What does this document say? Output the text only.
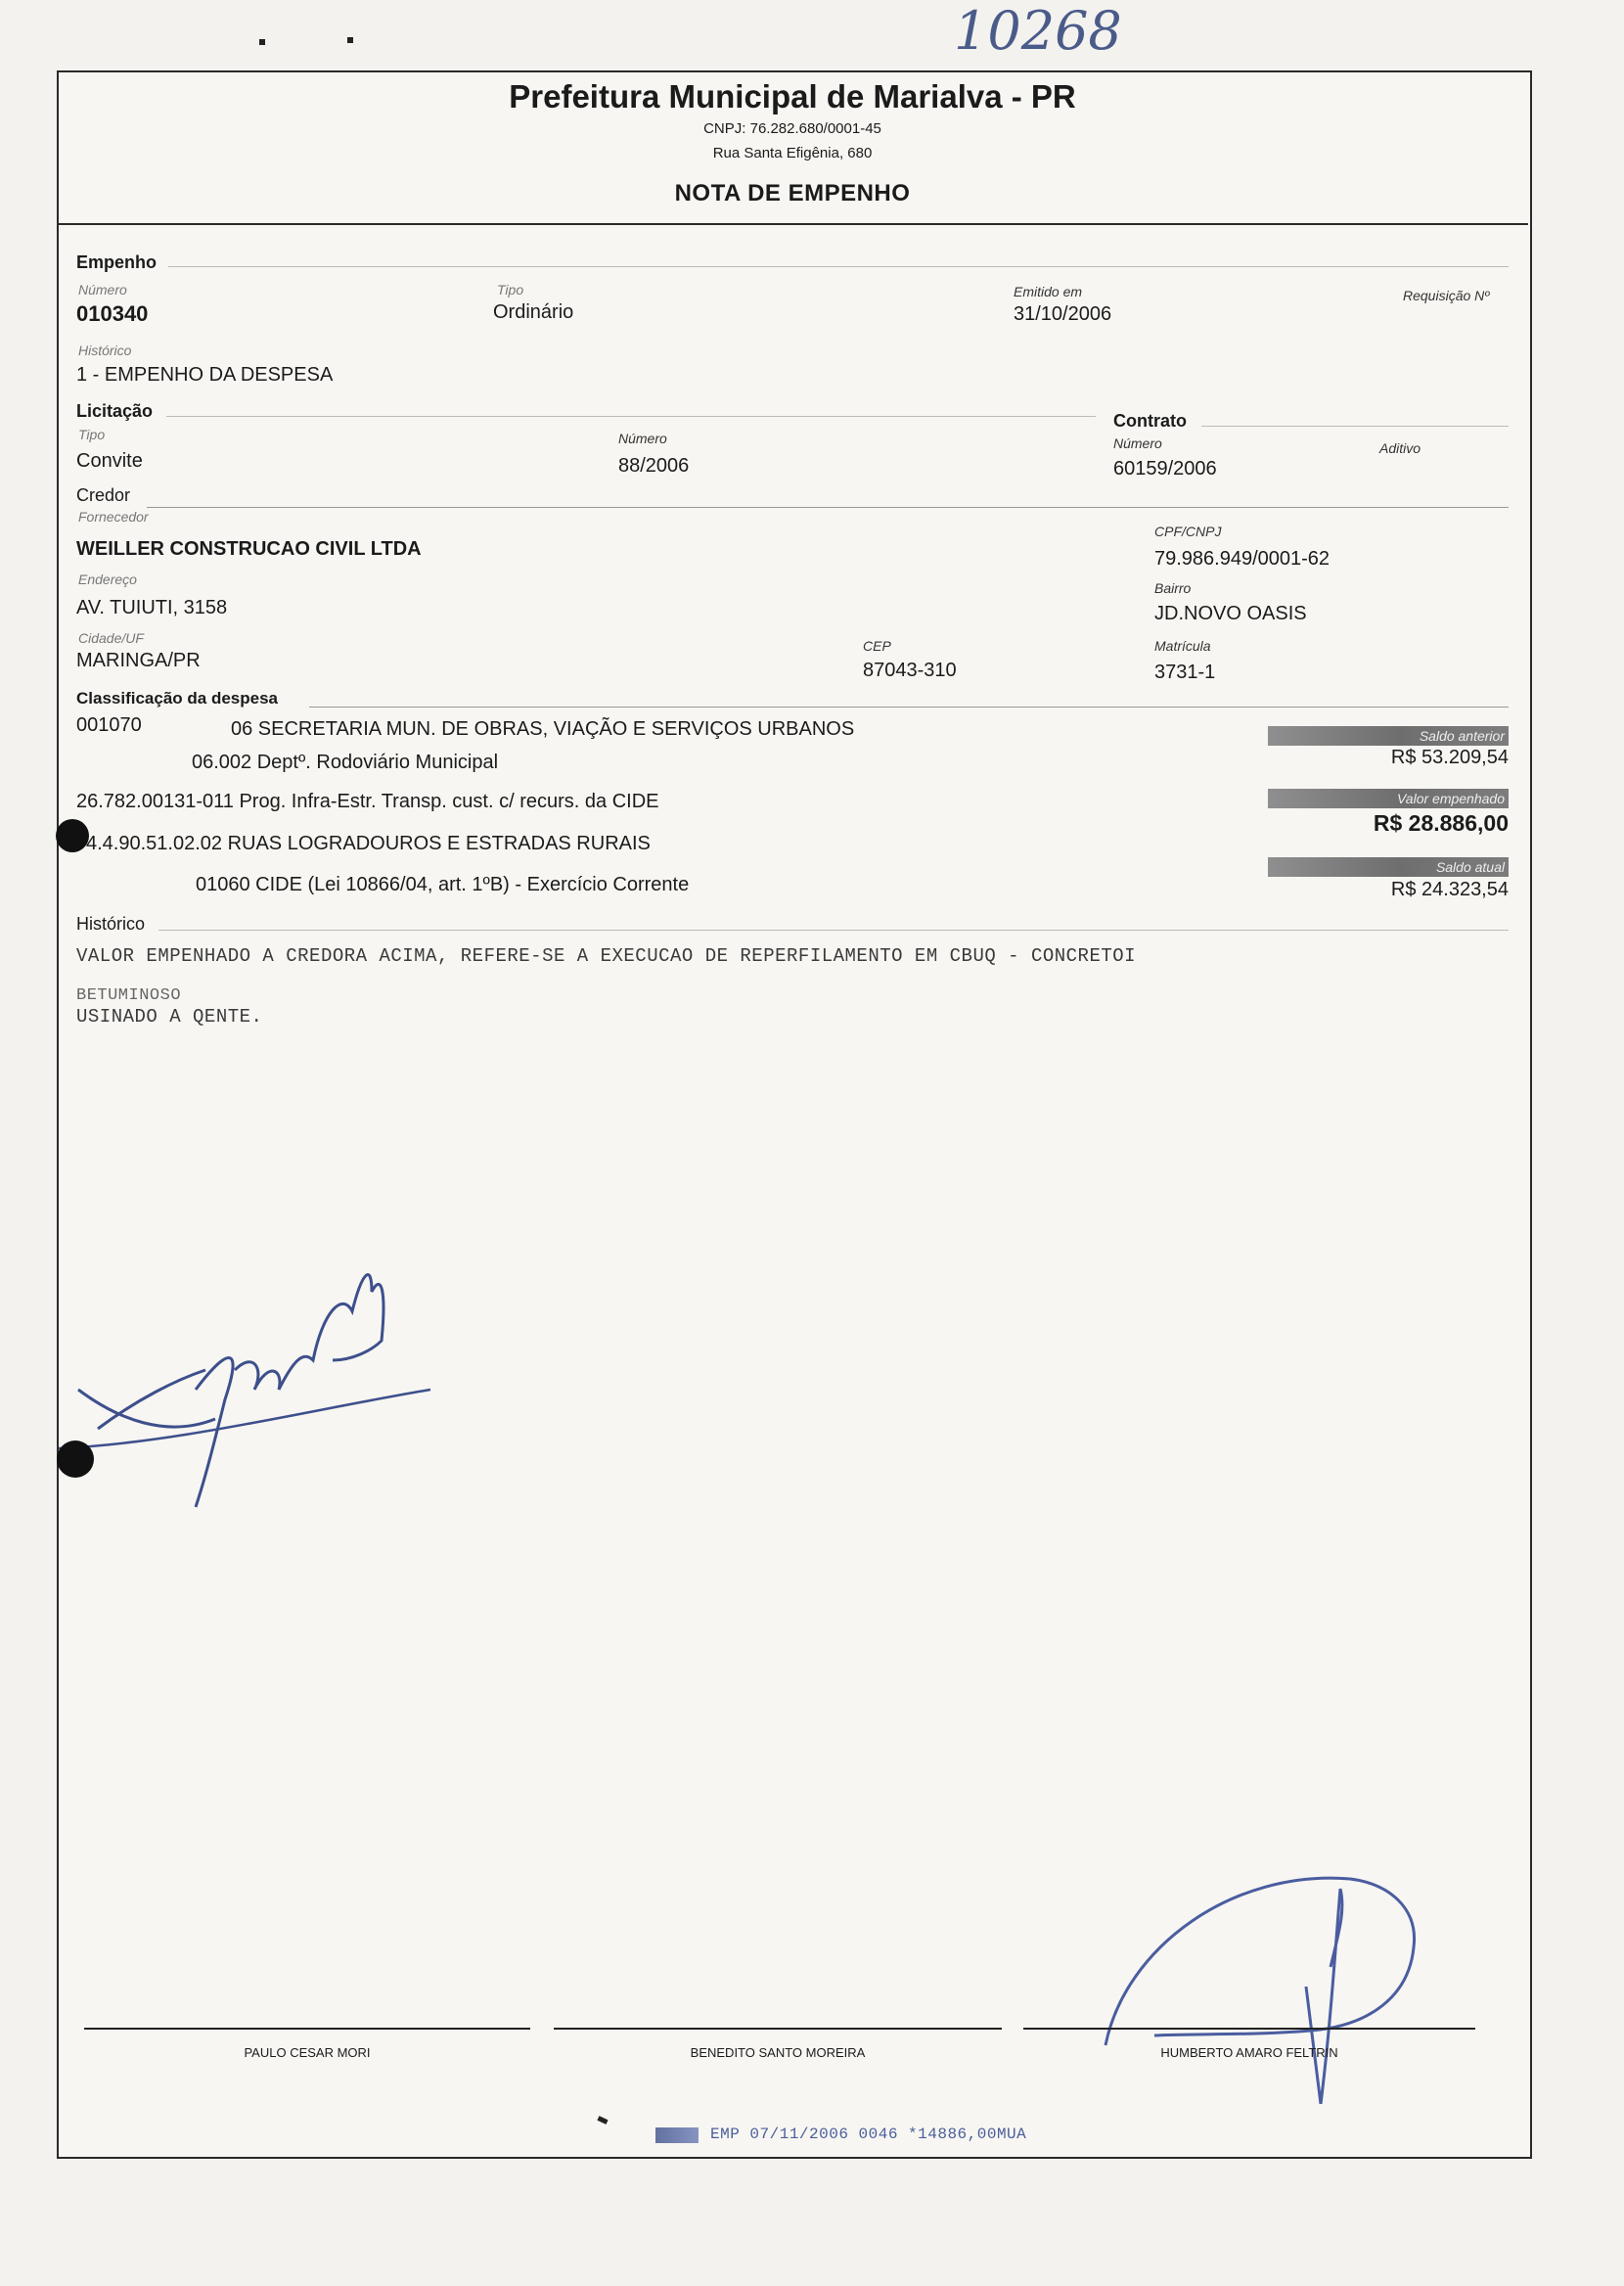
10268
Prefeitura Municipal de Marialva - PR
CNPJ: 76.282.680/0001-45
Rua Santa Efigênia, 680
NOTA DE EMPENHO
Empenho
Número
010340
Tipo
Ordinário
Emitido em
31/10/2006
Requisição Nº
Histórico
1 - EMPENHO DA DESPESA
Licitação
Tipo
Convite
Número
88/2006
Contrato
Número
60159/2006
Aditivo
Credor
Fornecedor
WEILLER CONSTRUCAO CIVIL LTDA
CPF/CNPJ
79.986.949/0001-62
Endereço
AV. TUIUTI, 3158
Bairro
JD.NOVO OASIS
Cidade/UF
MARINGA/PR
CEP
87043-310
Matrícula
3731-1
Classificação da despesa
001070	06 SECRETARIA MUN. DE OBRAS, VIAÇÃO E SERVIÇOS URBANOS
06.002 Deptº. Rodoviário Municipal
26.782.00131-011 Prog. Infra-Estr. Transp. cust. c/ recurs. da CIDE
4.4.90.51.02.02 RUAS LOGRADOUROS E ESTRADAS RURAIS
01060 CIDE (Lei 10866/04, art. 1ºB) - Exercício Corrente
Saldo anterior
R$ 53.209,54
Valor empenhado
R$ 28.886,00
Saldo atual
R$ 24.323,54
Histórico
VALOR EMPENHADO A CREDORA ACIMA, REFERE-SE A EXECUCAO DE REPERFILAMENTO EM CBUQ - CONCRETOI
BETUMINOSO
USINADO A QENTE.
PAULO CESAR MORI	BENEDITO SANTO MOREIRA	HUMBERTO AMARO FELTRIN
EMP 07/11/2006 0046 *14886,00MUA
